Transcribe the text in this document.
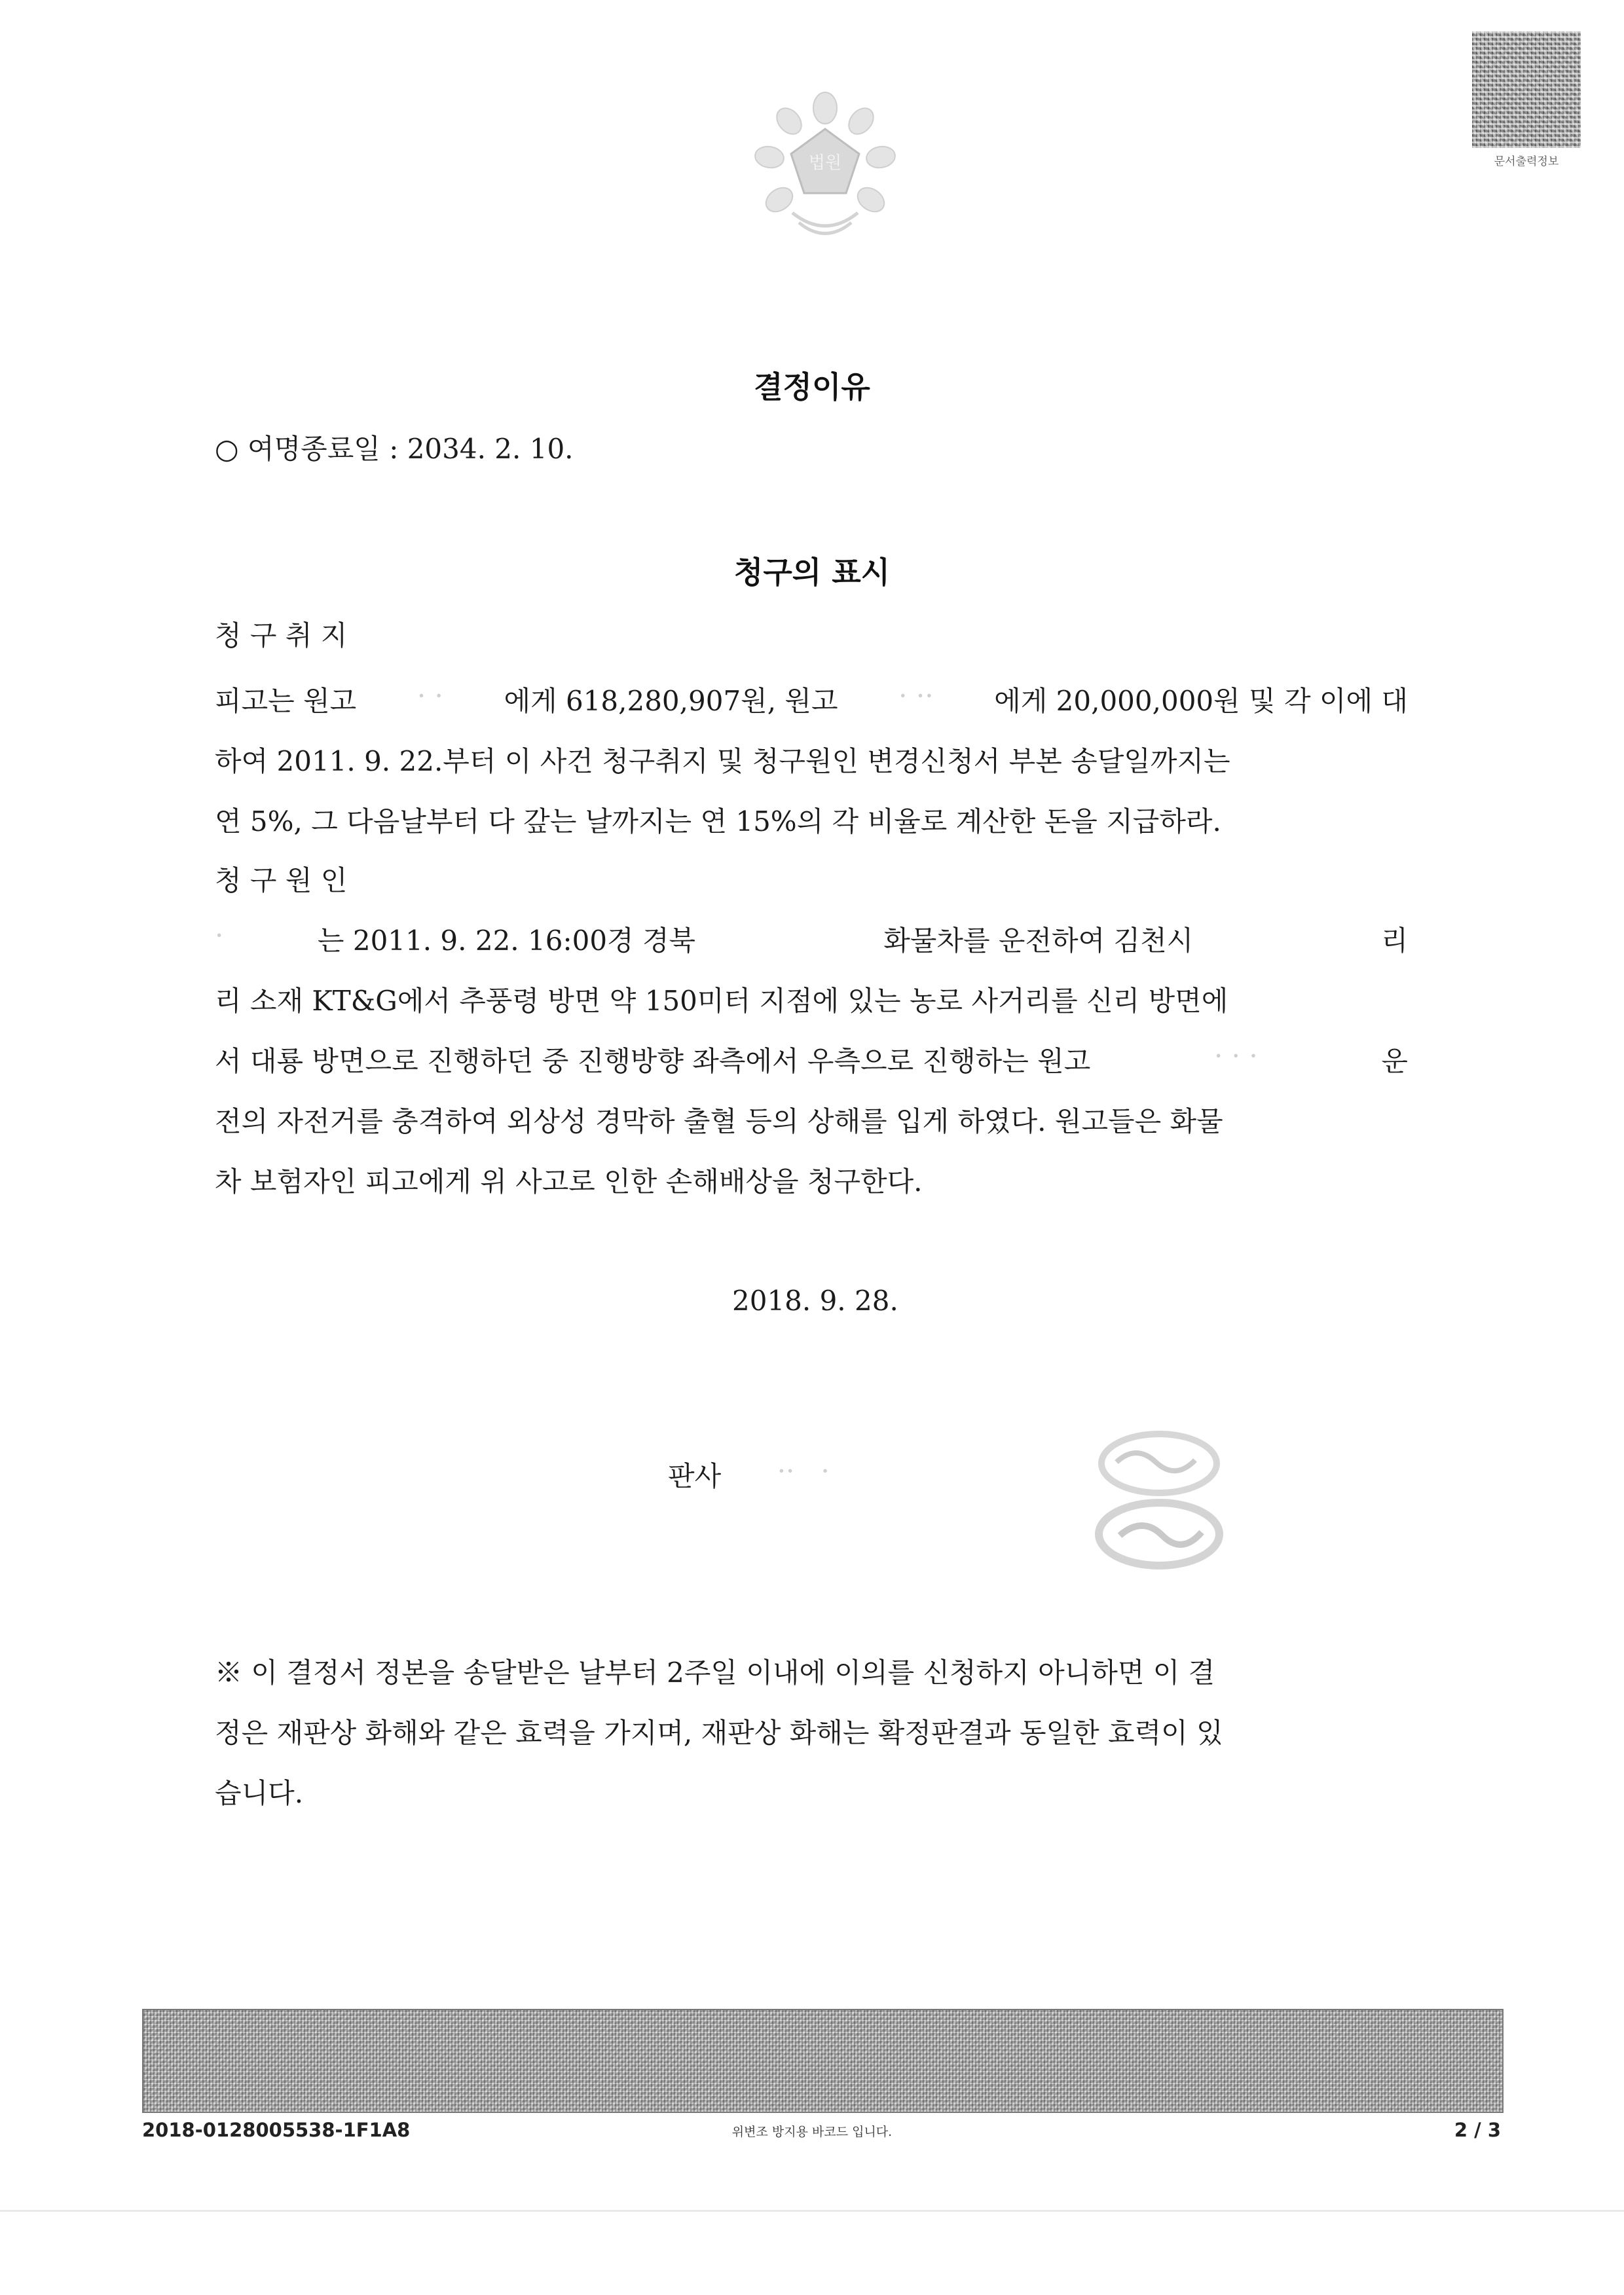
법원	문서출력정보
결정이유
○ 여명종료일 : 2034. 2. 10.
청구의 표시
청 구 취 지
피고는 원고 · · 에게 618,280,907원, 원고 · ·· 에게 20,000,000원 및 각 이에 대
하여 2011. 9. 22.부터 이 사건 청구취지 및 청구원인 변경신청서 부본 송달일까지는
연 5%, 그 다음날부터 다 갚는 날까지는 연 15%의 각 비율로 계산한 돈을 지급하라.
청 구 원 인
·	는 2011. 9. 22. 16:00경 경북	화물차를 운전하여 김천시	리
리 소재 KT&G에서 추풍령 방면 약 150미터 지점에 있는 농로 사거리를 신리 방면에
서 대룡 방면으로 진행하던 중 진행방향 좌측에서 우측으로 진행하는 원고	· · ·	운
전의 자전거를 충격하여 외상성 경막하 출혈 등의 상해를 입게 하였다. 원고들은 화물
차 보험자인 피고에게 위 사고로 인한 손해배상을 청구한다.
2018. 9. 28.
판사 ··   ·
※ 이 결정서 정본을 송달받은 날부터 2주일 이내에 이의를 신청하지 아니하면 이 결
정은 재판상 화해와 같은 효력을 가지며, 재판상 화해는 확정판결과 동일한 효력이 있
습니다.
2018-0128005538-1F1A8	위변조 방지용 바코드 입니다.	2 / 3
